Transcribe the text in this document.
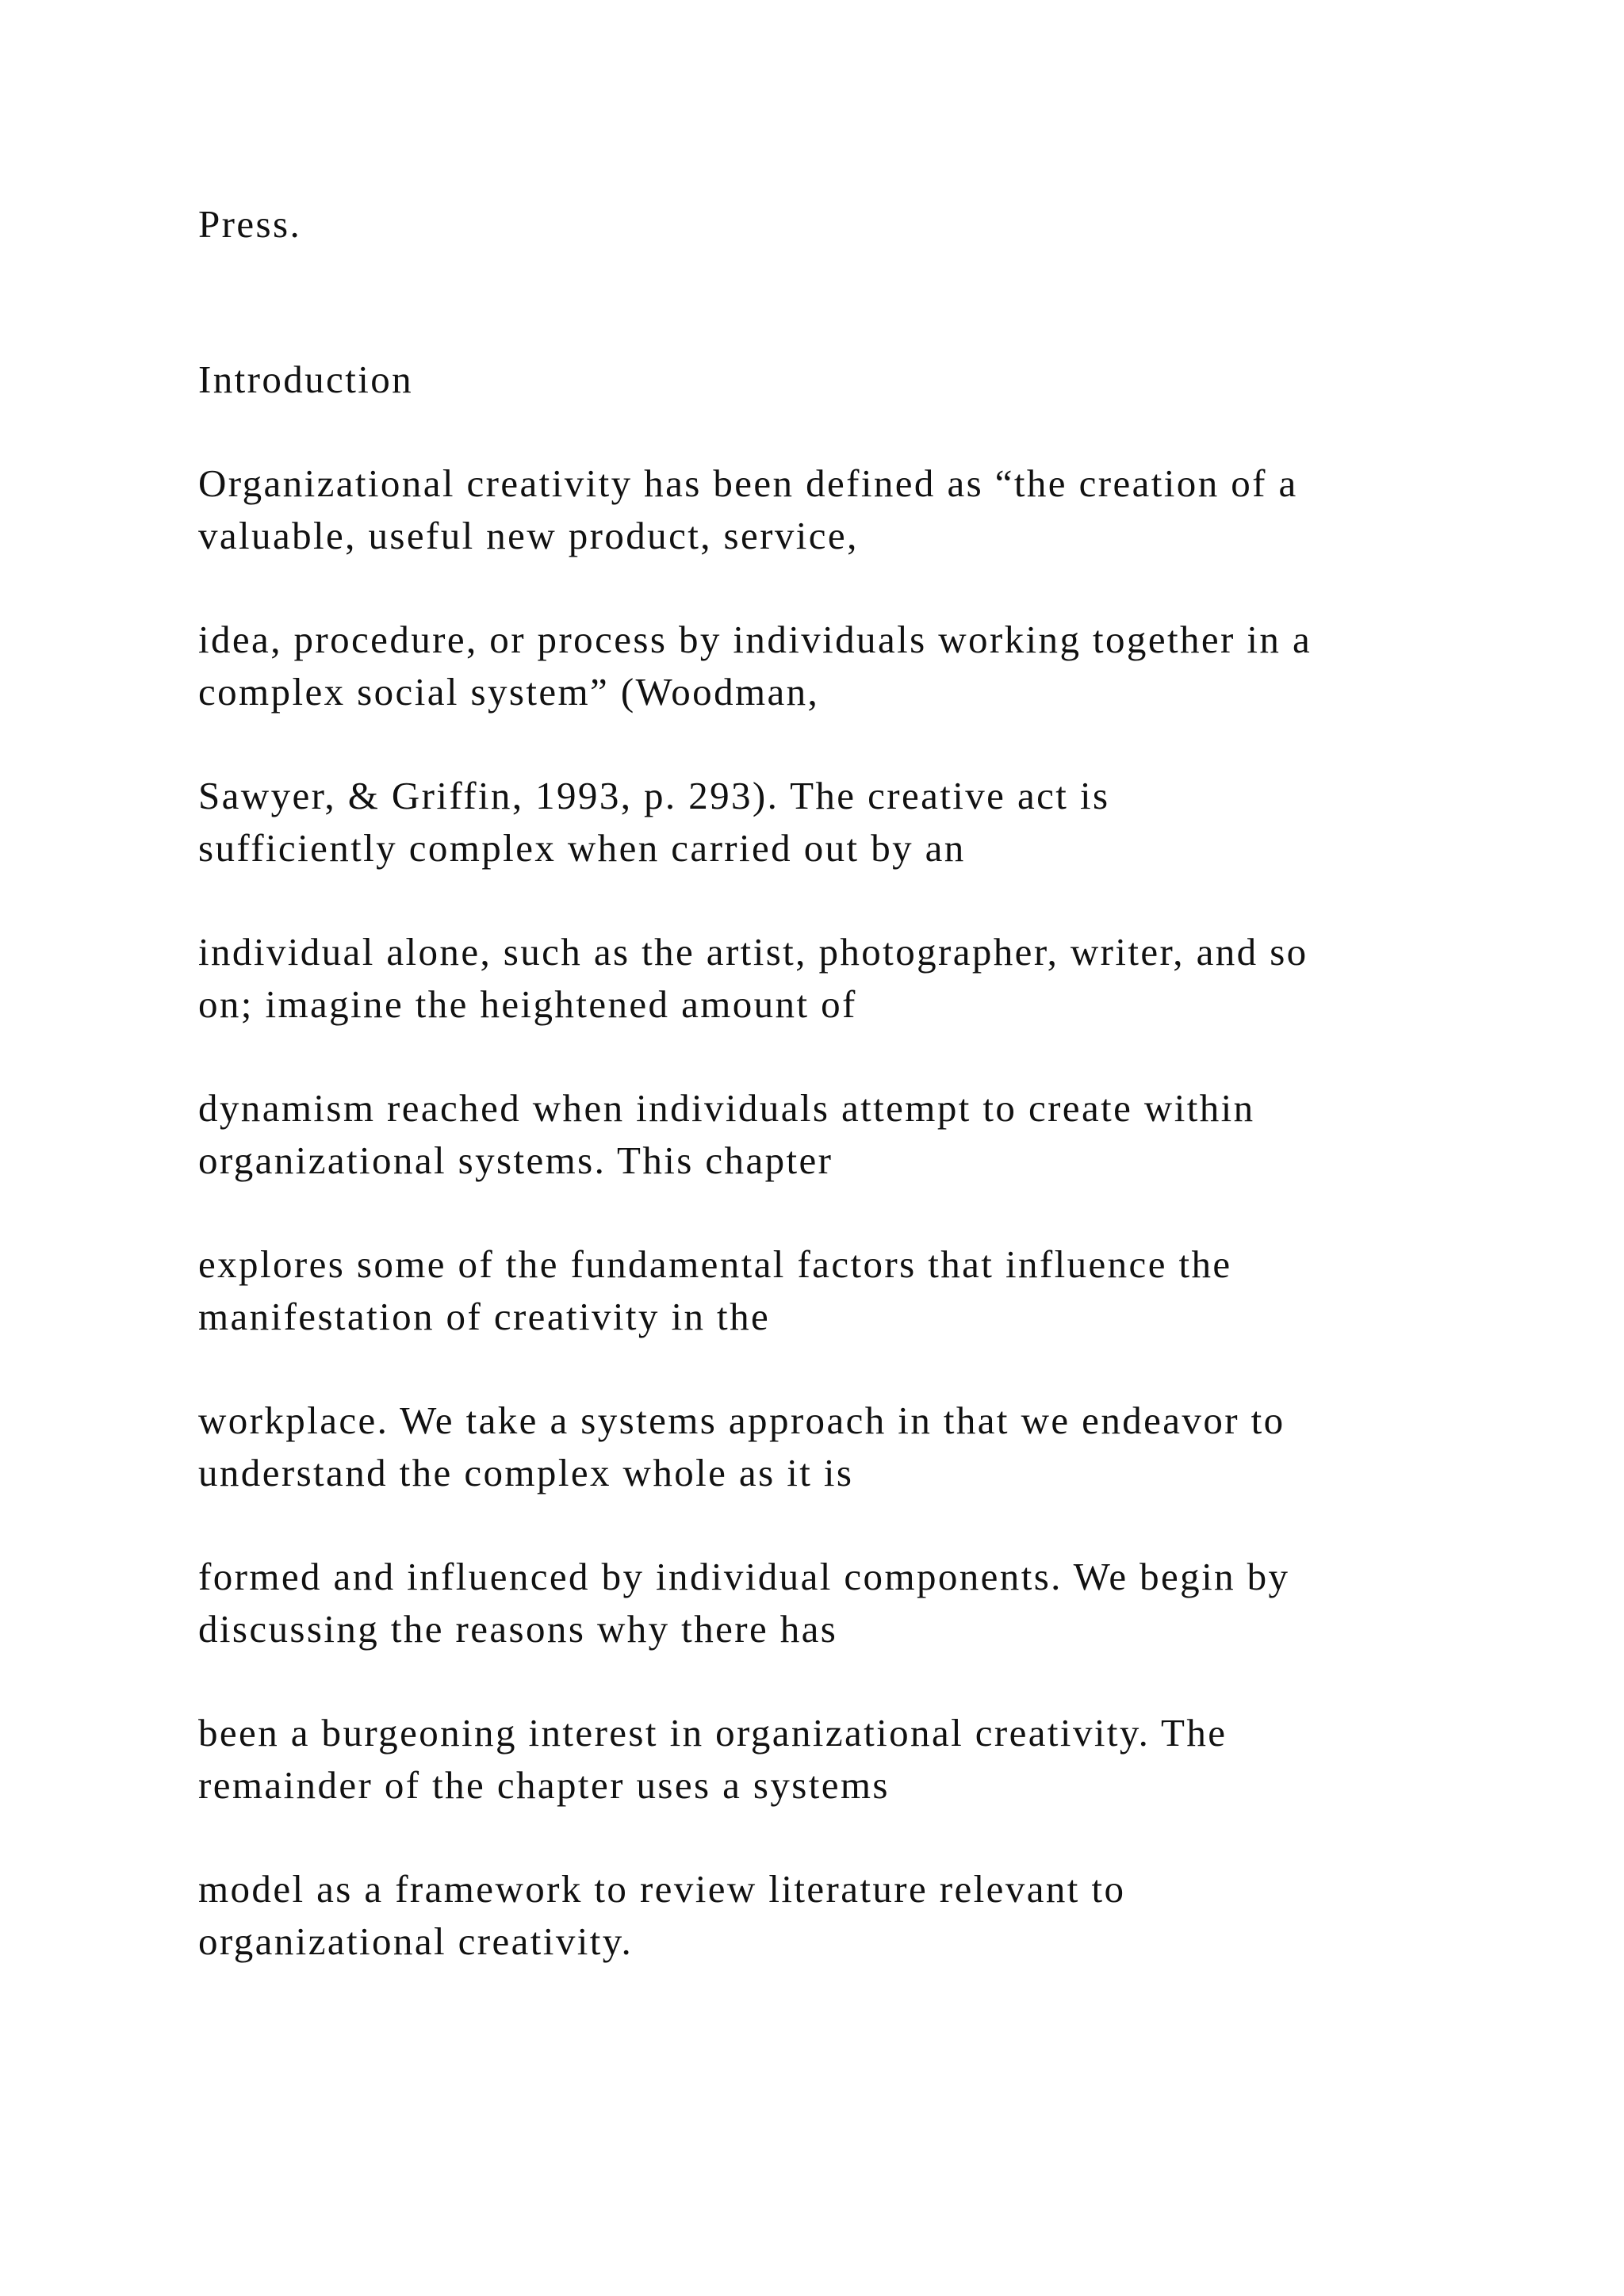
Press.

Introduction

Organizational creativity has been defined as “the creation of a

valuable, useful new product, service,

idea, procedure, or process by individuals working together in a

complex social system” (Woodman,

Sawyer, & Griffin, 1993, p. 293). The creative act is

sufficiently complex when carried out by an

individual alone, such as the artist, photographer, writer, and so

on; imagine the heightened amount of

dynamism reached when individuals attempt to create within

organizational systems. This chapter

explores some of the fundamental factors that influence the

manifestation of creativity in the

workplace. We take a systems approach in that we endeavor to

understand the complex whole as it is

formed and influenced by individual components. We begin by

discussing the reasons why there has

been a burgeoning interest in organizational creativity. The

remainder of the chapter uses a systems

model as a framework to review literature relevant to

organizational creativity.
